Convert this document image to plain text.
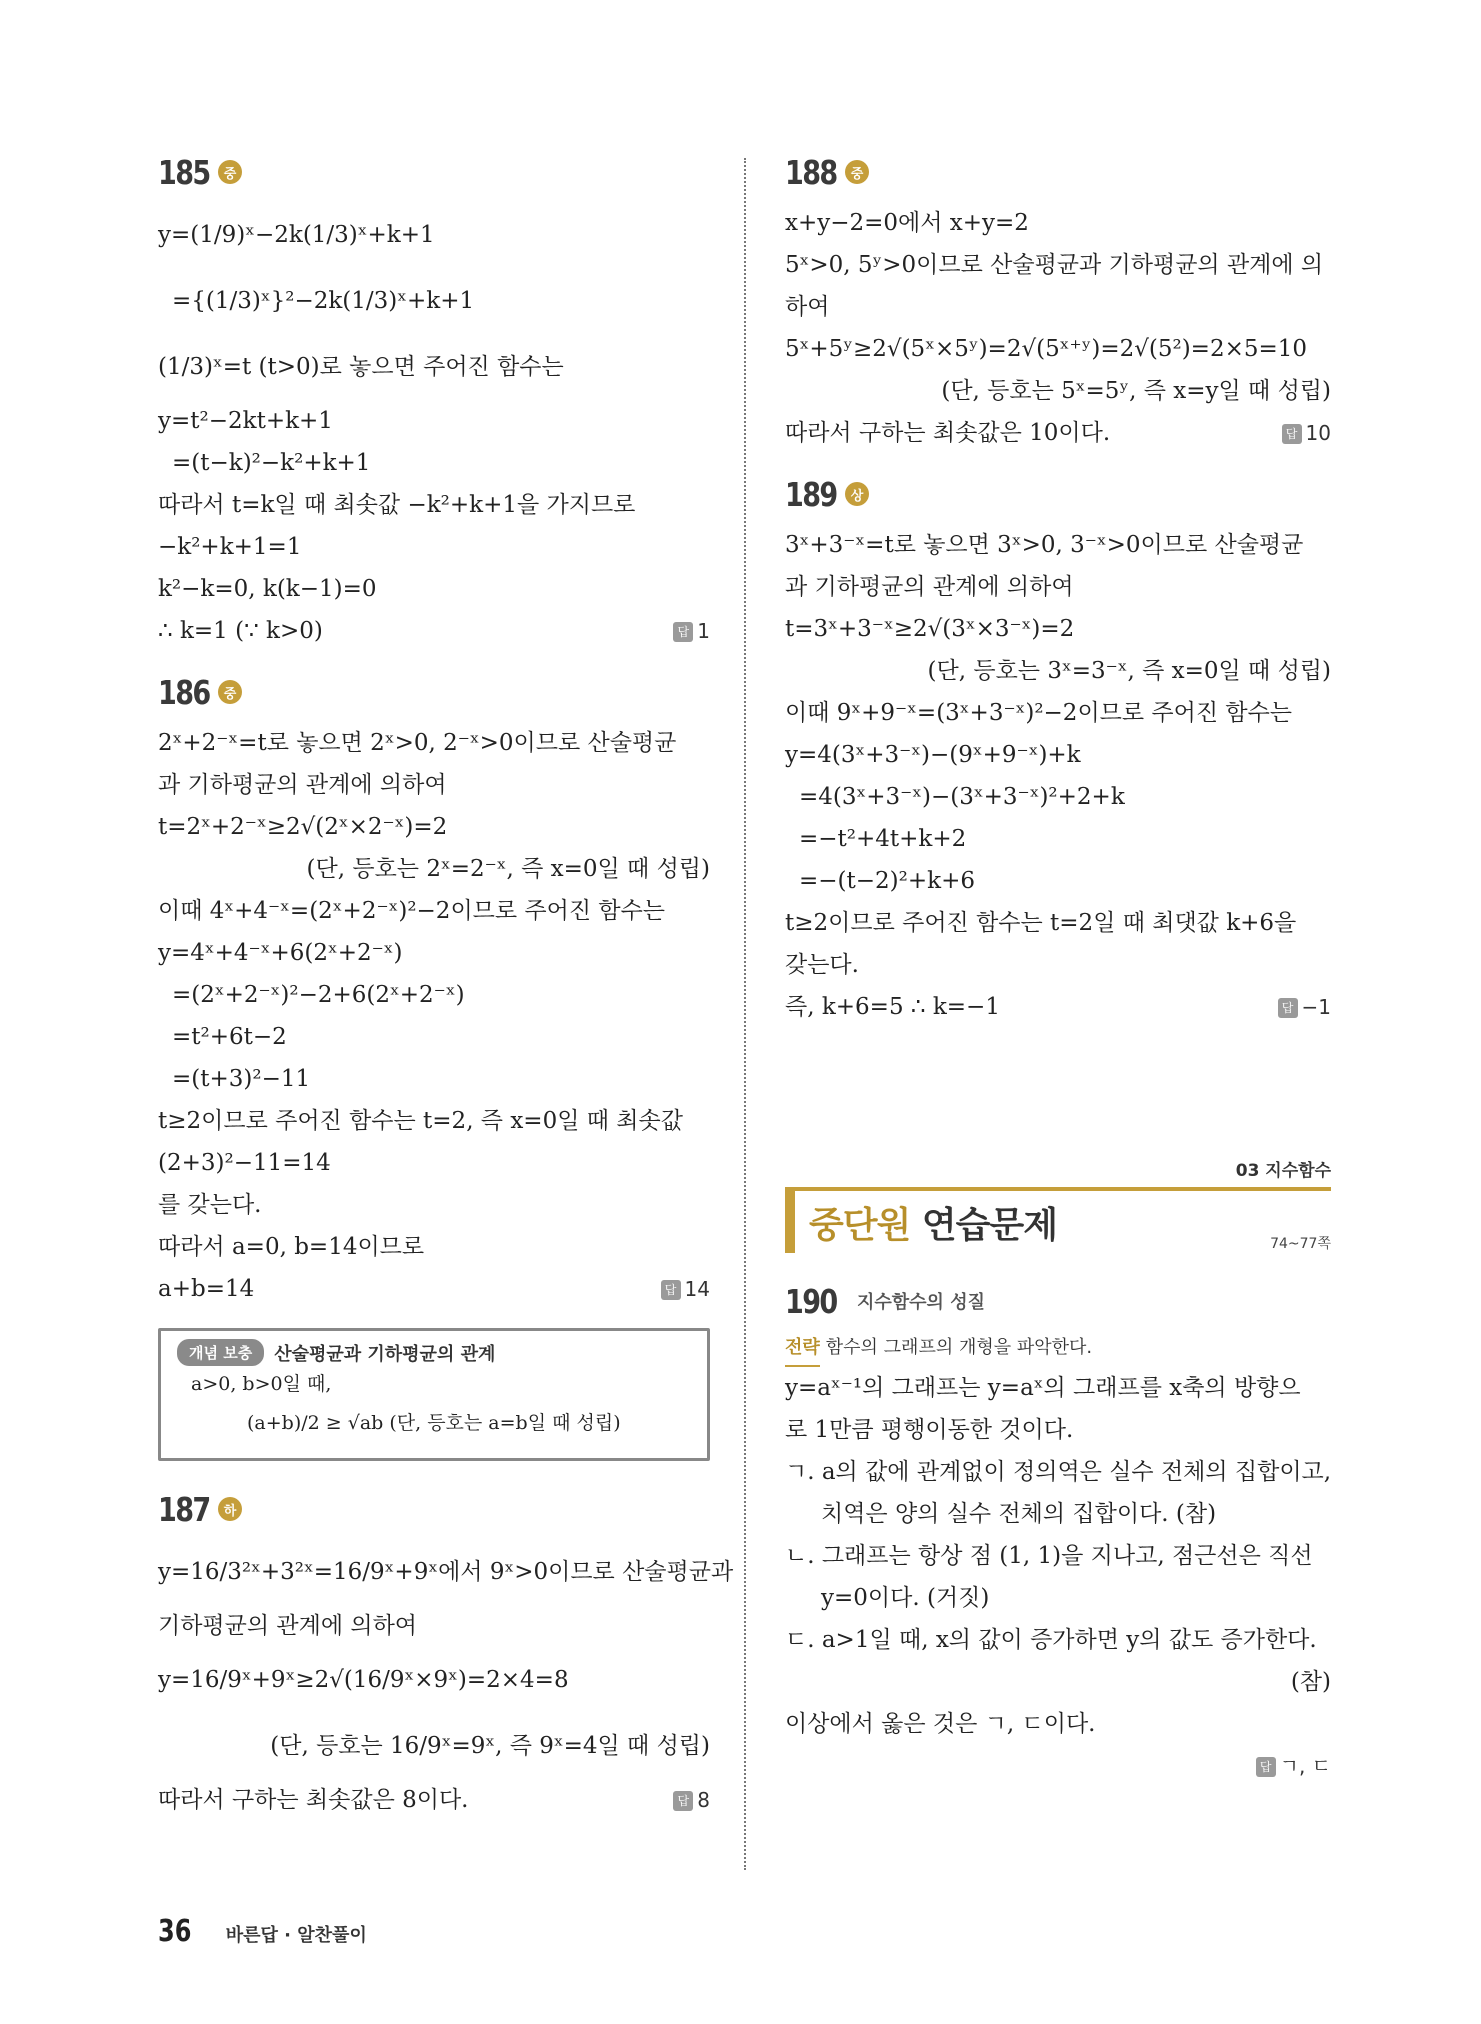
185	중
y=(1/9)ˣ−2k(1/3)ˣ+k+1
={(1/3)ˣ}²−2k(1/3)ˣ+k+1
(1/3)ˣ=t (t>0)로 놓으면 주어진 함수는
y=t²−2kt+k+1
=(t−k)²−k²+k+1
따라서 t=k일 때 최솟값 −k²+k+1을 가지므로
−k²+k+1=1
k²−k=0, k(k−1)=0
∴ k=1 (∵ k>0)	답 1
186	중
2ˣ+2⁻ˣ=t로 놓으면 2ˣ>0, 2⁻ˣ>0이므로 산술평균
과 기하평균의 관계에 의하여
t=2ˣ+2⁻ˣ≥2√(2ˣ×2⁻ˣ)=2
(단, 등호는 2ˣ=2⁻ˣ, 즉 x=0일 때 성립)
이때 4ˣ+4⁻ˣ=(2ˣ+2⁻ˣ)²−2이므로 주어진 함수는
y=4ˣ+4⁻ˣ+6(2ˣ+2⁻ˣ)
=(2ˣ+2⁻ˣ)²−2+6(2ˣ+2⁻ˣ)
=t²+6t−2
=(t+3)²−11
t≥2이므로 주어진 함수는 t=2, 즉 x=0일 때 최솟값
(2+3)²−11=14
를 갖는다.
따라서 a=0, b=14이므로
a+b=14	답 14
개념 보충	산술평균과 기하평균의 관계
a>0, b>0일 때,
(a+b)/2 ≥ √ab (단, 등호는 a=b일 때 성립)
187	하
y=16/3²ˣ+3²ˣ=16/9ˣ+9ˣ에서 9ˣ>0이므로 산술평균과
기하평균의 관계에 의하여
y=16/9ˣ+9ˣ≥2√(16/9ˣ×9ˣ)=2×4=8
(단, 등호는 16/9ˣ=9ˣ, 즉 9ˣ=4일 때 성립)
따라서 구하는 최솟값은 8이다.	답 8
188	중
x+y−2=0에서 x+y=2
5ˣ>0, 5ʸ>0이므로 산술평균과 기하평균의 관계에 의
하여
5ˣ+5ʸ≥2√(5ˣ×5ʸ)=2√(5ˣ⁺ʸ)=2√(5²)=2×5=10
(단, 등호는 5ˣ=5ʸ, 즉 x=y일 때 성립)
따라서 구하는 최솟값은 10이다.	답 10
189	상
3ˣ+3⁻ˣ=t로 놓으면 3ˣ>0, 3⁻ˣ>0이므로 산술평균
과 기하평균의 관계에 의하여
t=3ˣ+3⁻ˣ≥2√(3ˣ×3⁻ˣ)=2
(단, 등호는 3ˣ=3⁻ˣ, 즉 x=0일 때 성립)
이때 9ˣ+9⁻ˣ=(3ˣ+3⁻ˣ)²−2이므로 주어진 함수는
y=4(3ˣ+3⁻ˣ)−(9ˣ+9⁻ˣ)+k
=4(3ˣ+3⁻ˣ)−(3ˣ+3⁻ˣ)²+2+k
=−t²+4t+k+2
=−(t−2)²+k+6
t≥2이므로 주어진 함수는 t=2일 때 최댓값 k+6을
갖는다.
즉, k+6=5 ∴ k=−1	답 −1
03 지수함수
중단원 연습문제	74~77쪽
190 지수함수의 성질
전략 함수의 그래프의 개형을 파악한다.
y=aˣ⁻¹의 그래프는 y=aˣ의 그래프를 x축의 방향으
로 1만큼 평행이동한 것이다.
ㄱ. a의 값에 관계없이 정의역은 실수 전체의 집합이고,
치역은 양의 실수 전체의 집합이다. (참)
ㄴ. 그래프는 항상 점 (1, 1)을 지나고, 점근선은 직선
y=0이다. (거짓)
ㄷ. a>1일 때, x의 값이 증가하면 y의 값도 증가한다.
(참)
이상에서 옳은 것은 ㄱ, ㄷ이다.
답 ㄱ, ㄷ
36 바른답 · 알찬풀이
